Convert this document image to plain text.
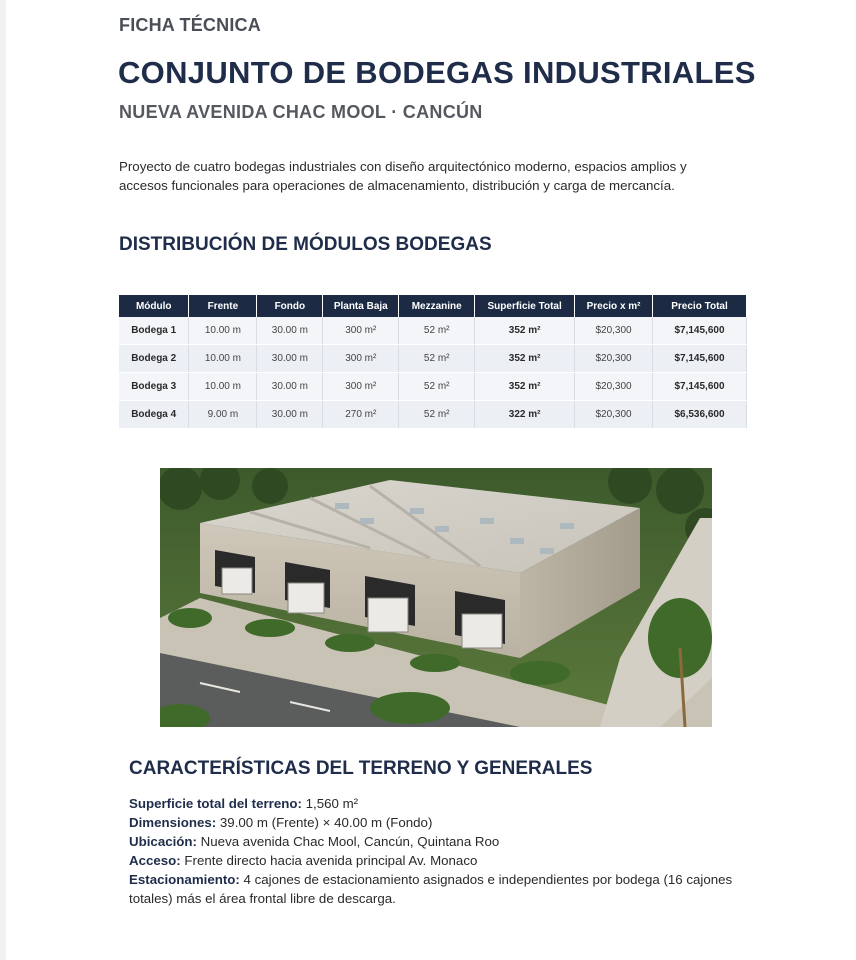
FICHA TÉCNICA
CONJUNTO DE BODEGAS INDUSTRIALES
NUEVA AVENIDA CHAC MOOL · CANCÚN
Proyecto de cuatro bodegas industriales con diseño arquitectónico moderno, espacios amplios y accesos funcionales para operaciones de almacenamiento, distribución y carga de mercancía.
DISTRIBUCIÓN DE MÓDULOS BODEGAS
Módulo	Frente	Fondo	Planta Baja	Mezzanine	Superficie Total	Precio x m²	Precio Total
Bodega 1	10.00 m	30.00 m	300 m²	52 m²	352 m²	$20,300	$7,145,600
Bodega 2	10.00 m	30.00 m	300 m²	52 m²	352 m²	$20,300	$7,145,600
Bodega 3	10.00 m	30.00 m	300 m²	52 m²	352 m²	$20,300	$7,145,600
Bodega 4	9.00 m	30.00 m	270 m²	52 m²	322 m²	$20,300	$6,536,600
CARACTERÍSTICAS DEL TERRENO Y GENERALES
Superficie total del terreno: 1,560 m²
Dimensiones: 39.00 m (Frente) × 40.00 m (Fondo)
Ubicación: Nueva avenida Chac Mool, Cancún, Quintana Roo
Acceso: Frente directo hacia avenida principal Av. Monaco
Estacionamiento: 4 cajones de estacionamiento asignados e independientes por bodega (16 cajones totales) más el área frontal libre de descarga.
